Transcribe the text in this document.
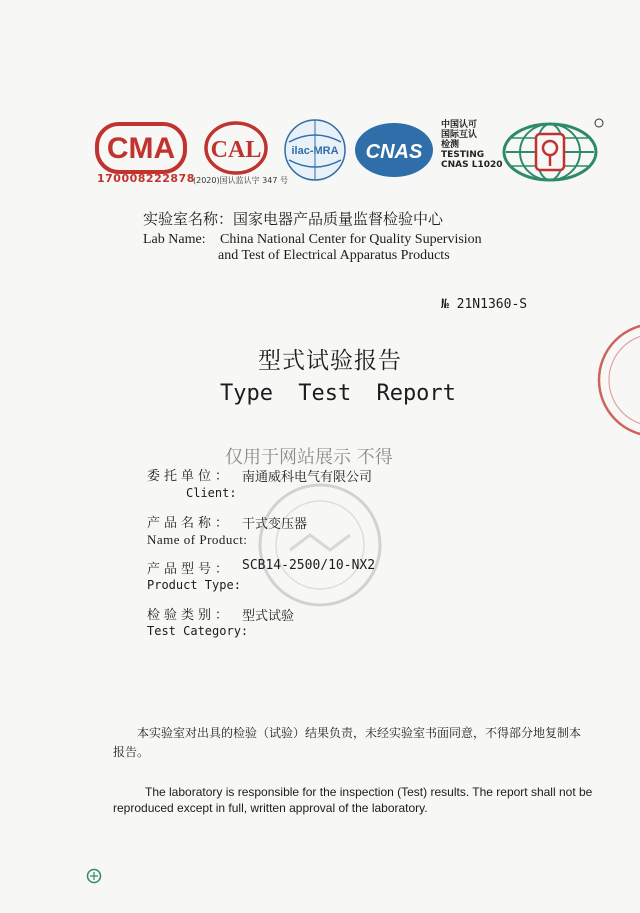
CMA
170008222878
CAL
(2020)国认监认字 347 号
ilac-MRA CNAS
中国认可
国际互认
检测
TESTING
CNAS L1020
实验室名称：国家电器产品质量监督检验中心
Lab Name: China National Center for Quality Supervision
and Test of Electrical Apparatus Products
№ 21N1360-S
型式试验报告
Type Test Report
仅用于网站展示 不得
委托单位： 南通威科电气有限公司
Client:
产品名称： 干式变压器
Name of Product:
产品型号： SCB14-2500/10-NX2
Product Type:
检验类别： 型式试验
Test Category:
本实验室对出具的检验（试验）结果负责，未经实验室书面同意，不得部分地复制本报告。
The laboratory is responsible for the inspection (Test) results. The report shall not be reproduced except in full, written approval of the laboratory.
